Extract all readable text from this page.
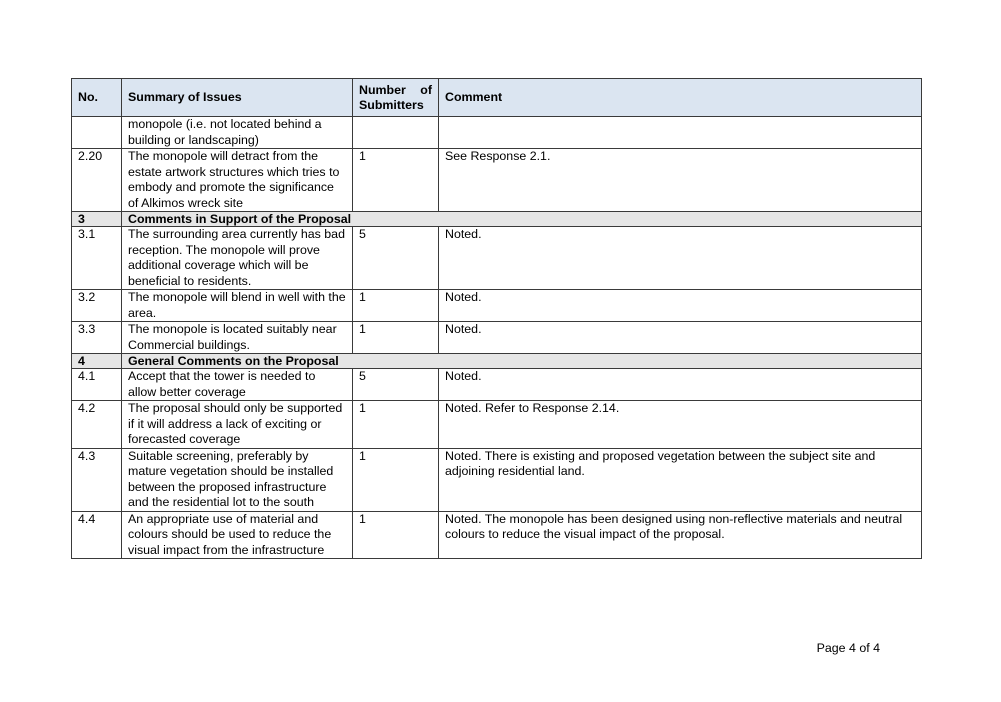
No.	Summary of Issues	Number of Submitters	Comment
	monopole (i.e. not located behind a building or landscaping)		
2.20	The monopole will detract from the estate artwork structures which tries to embody and promote the significance of Alkimos wreck site	1	See Response 2.1.
3	Comments in Support of the Proposal		
3.1	The surrounding area currently has bad reception. The monopole will prove additional coverage which will be beneficial to residents.	5	Noted.
3.2	The monopole will blend in well with the area.	1	Noted.
3.3	The monopole is located suitably near Commercial buildings.	1	Noted.
4	General Comments on the Proposal		
4.1	Accept that the tower is needed to allow better coverage	5	Noted.
4.2	The proposal should only be supported if it will address a lack of exciting or forecasted coverage	1	Noted. Refer to Response 2.14.
4.3	Suitable screening, preferably by mature vegetation should be installed between the proposed infrastructure and the residential lot to the south	1	Noted. There is existing and proposed vegetation between the subject site and adjoining residential land.
4.4	An appropriate use of material and colours should be used to reduce the visual impact from the infrastructure	1	Noted. The monopole has been designed using non-reflective materials and neutral colours to reduce the visual impact of the proposal.
Page 4 of 4
